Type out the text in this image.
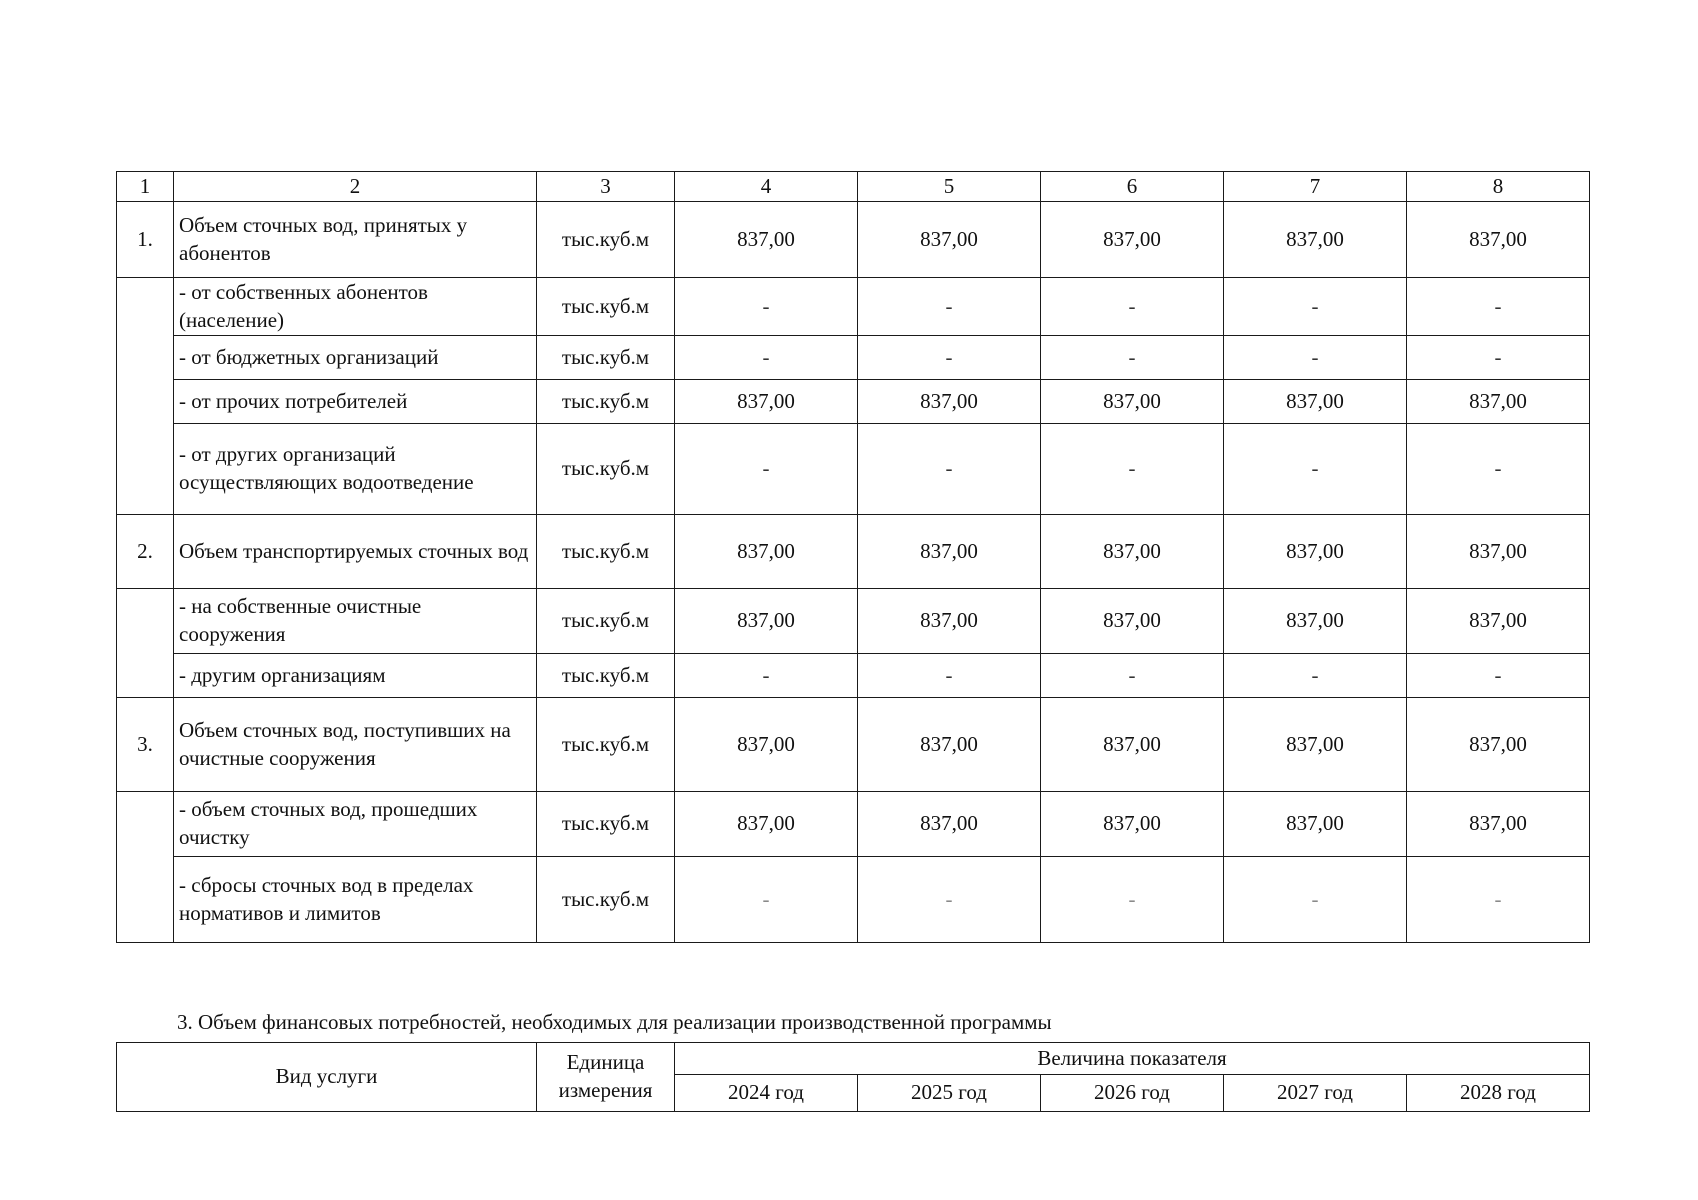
1	2	3	4	5	6	7	8
1.	Объем сточных вод, принятых у абонентов	тыс.куб.м	837,00	837,00	837,00	837,00	837,00
	- от собственных абонентов (население)	тыс.куб.м	-	-	-	-	-
	- от бюджетных организаций	тыс.куб.м	-	-	-	-	-
	- от прочих потребителей	тыс.куб.м	837,00	837,00	837,00	837,00	837,00
	- от других организаций осуществляющих водоотведение	тыс.куб.м	-	-	-	-	-
2.	Объем транспортируемых сточных вод	тыс.куб.м	837,00	837,00	837,00	837,00	837,00
	- на собственные очистные сооружения	тыс.куб.м	837,00	837,00	837,00	837,00	837,00
	- другим организациям	тыс.куб.м	-	-	-	-	-
3.	Объем сточных вод, поступивших на очистные сооружения	тыс.куб.м	837,00	837,00	837,00	837,00	837,00
	- объем сточных вод, прошедших очистку	тыс.куб.м	837,00	837,00	837,00	837,00	837,00
	- сбросы сточных вод в пределах нормативов и лимитов	тыс.куб.м	-	-	-	-	-

3. Объем финансовых потребностей, необходимых для реализации производственной программы

Вид услуги	Единица измерения	Величина показателя				
		2024 год	2025 год	2026 год	2027 год	2028 год
